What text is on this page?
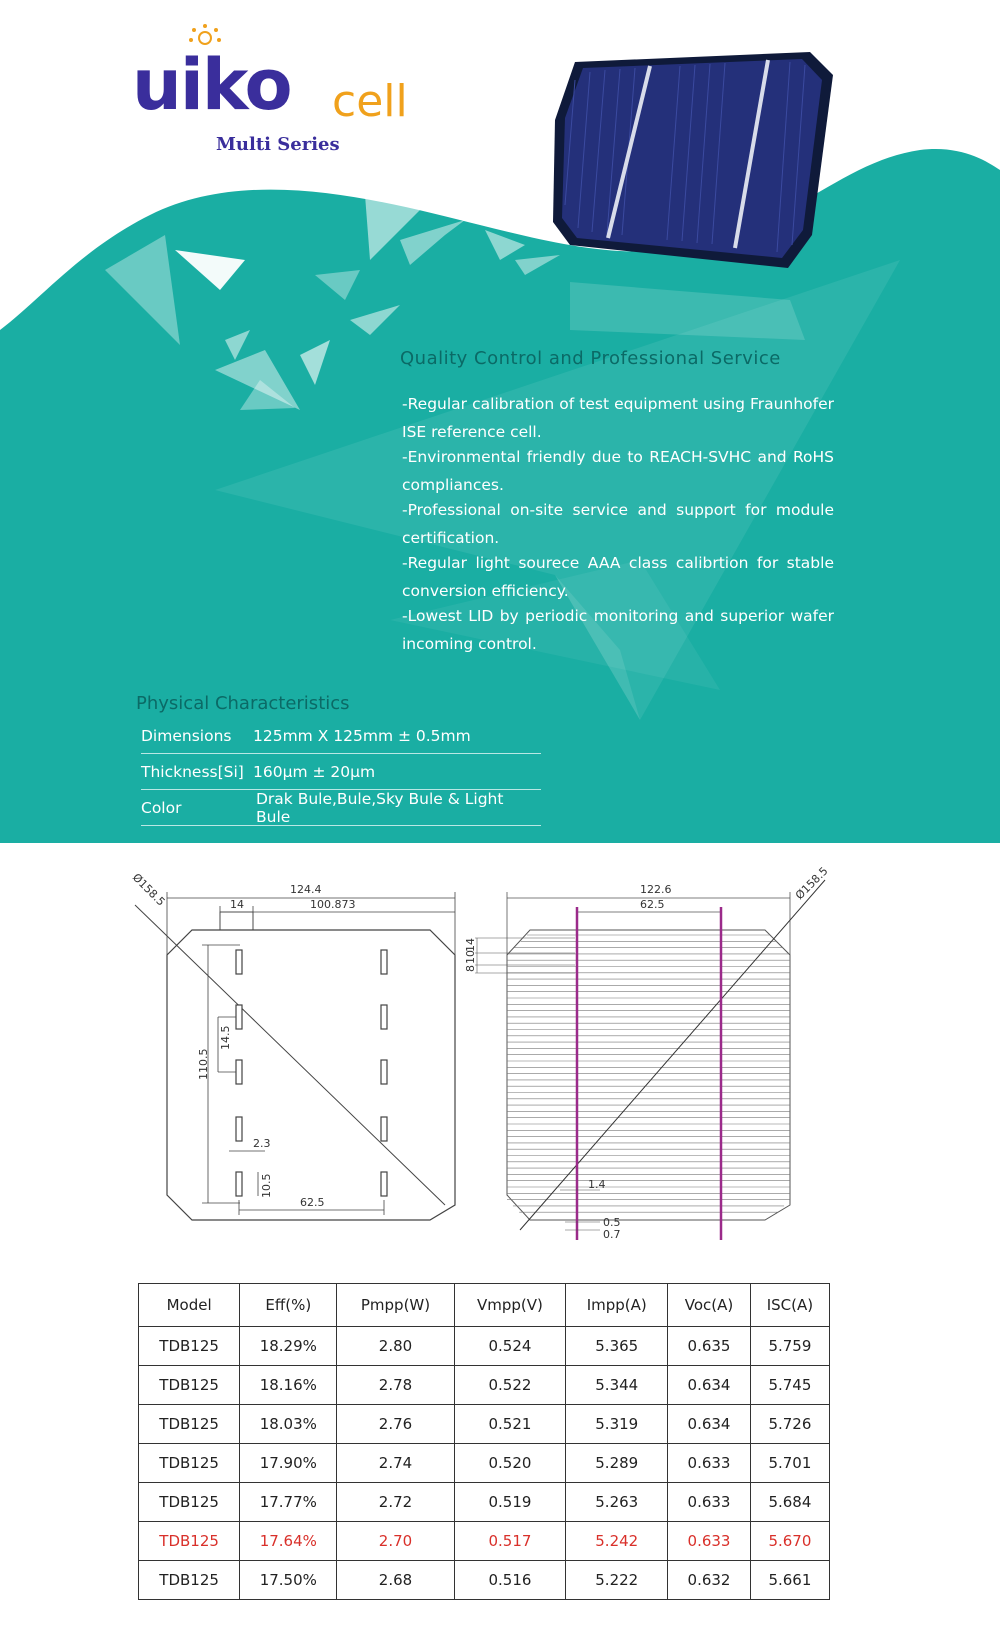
uiko cell
Multi Series
Quality Control and Professional Service
-Regular calibration of test equipment using Fraunhofer ISE reference cell.
-Environmental friendly due to REACH-SVHC and RoHS compliances.
-Professional on-site service and support for module certification.
-Regular light sourece AAA class calibrtion for stable conversion efficiency.
-Lowest LID by periodic monitoring and superior wafer incoming control.
Physical Characteristics
Dimensions	125mm X 125mm ± 0.5mm
Thickness[Si] 160μm ± 20μm
Color	Drak Bule,Bule,Sky Bule & Light Bule
124.4
14	100.873
Ø158.5
110.5
14.5
2.3
10.5
62.5
122.6
62.5
Ø158.5
14
10
8
1.4
0.5
0.7
Model	Eff(%)	Pmpp(W)	Vmpp(V)	Impp(A)	Voc(A)	ISC(A)
TDB125	18.29%	2.80	0.524	5.365	0.635	5.759
TDB125	18.16%	2.78	0.522	5.344	0.634	5.745
TDB125	18.03%	2.76	0.521	5.319	0.634	5.726
TDB125	17.90%	2.74	0.520	5.289	0.633	5.701
TDB125	17.77%	2.72	0.519	5.263	0.633	5.684
TDB125	17.64%	2.70	0.517	5.242	0.633	5.670
TDB125	17.50%	2.68	0.516	5.222	0.632	5.661
